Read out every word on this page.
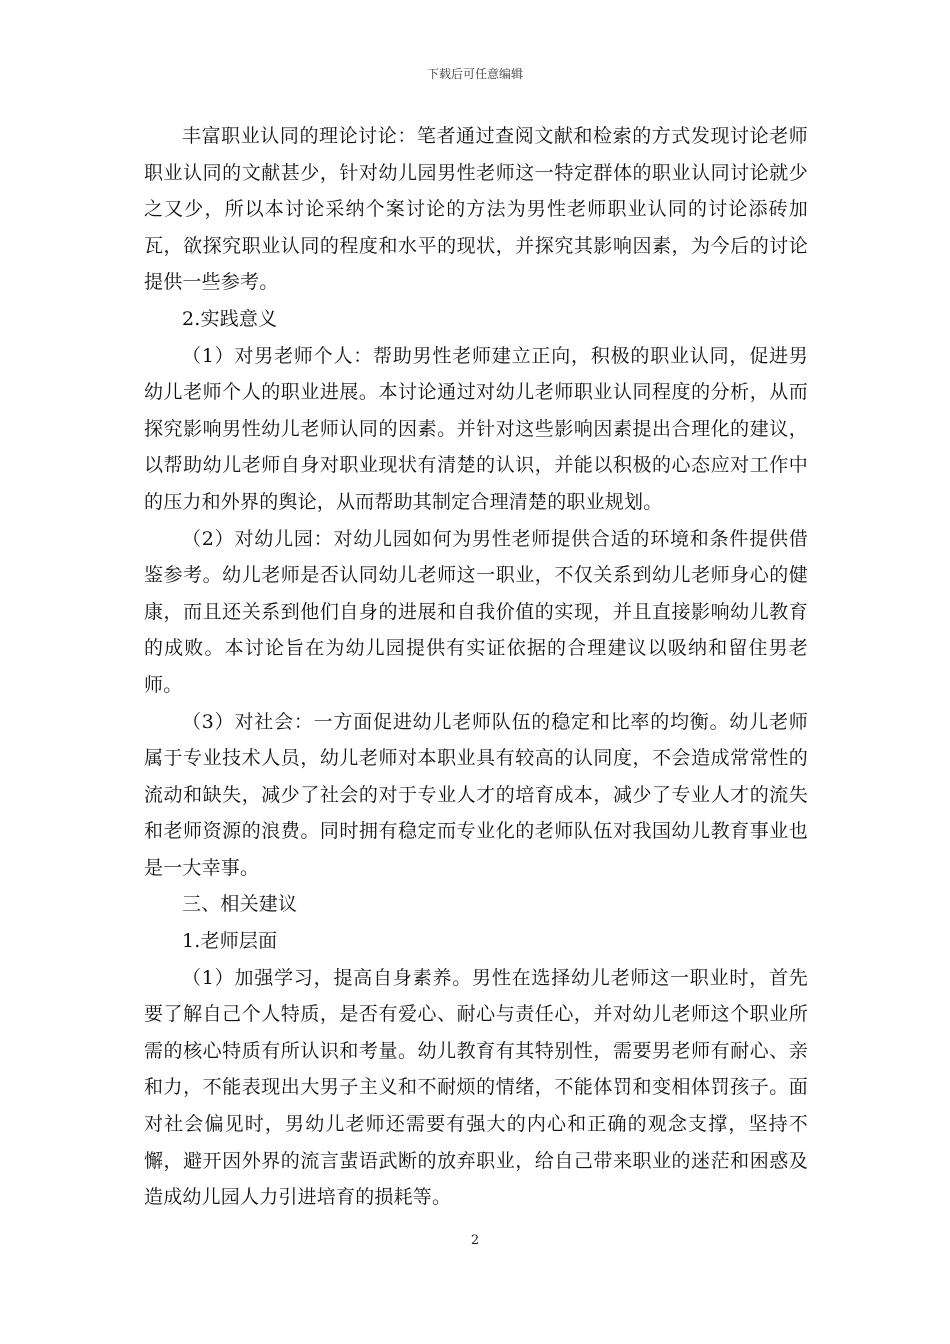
下载后可任意编辑

丰富职业认同的理论讨论：笔者通过查阅文献和检索的方式发现讨论老师职业认同的文献甚少，针对幼儿园男性老师这一特定群体的职业认同讨论就少之又少，所以本讨论采纳个案讨论的方法为男性老师职业认同的讨论添砖加瓦，欲探究职业认同的程度和水平的现状，并探究其影响因素，为今后的讨论提供一些参考。

2.实践意义

（1）对男老师个人：帮助男性老师建立正向，积极的职业认同，促进男幼儿老师个人的职业进展。本讨论通过对幼儿老师职业认同程度的分析，从而探究影响男性幼儿老师认同的因素。并针对这些影响因素提出合理化的建议，以帮助幼儿老师自身对职业现状有清楚的认识，并能以积极的心态应对工作中的压力和外界的舆论，从而帮助其制定合理清楚的职业规划。

（2）对幼儿园：对幼儿园如何为男性老师提供合适的环境和条件提供借鉴参考。幼儿老师是否认同幼儿老师这一职业，不仅关系到幼儿老师身心的健康，而且还关系到他们自身的进展和自我价值的实现，并且直接影响幼儿教育的成败。本讨论旨在为幼儿园提供有实证依据的合理建议以吸纳和留住男老师。

（3）对社会：一方面促进幼儿老师队伍的稳定和比率的均衡。幼儿老师属于专业技术人员，幼儿老师对本职业具有较高的认同度，不会造成常常性的流动和缺失，减少了社会的对于专业人才的培育成本，减少了专业人才的流失和老师资源的浪费。同时拥有稳定而专业化的老师队伍对我国幼儿教育事业也是一大幸事。

三、相关建议

1.老师层面

（1）加强学习，提高自身素养。男性在选择幼儿老师这一职业时，首先要了解自己个人特质，是否有爱心、耐心与责任心，并对幼儿老师这个职业所需的核心特质有所认识和考量。幼儿教育有其特别性，需要男老师有耐心、亲和力，不能表现出大男子主义和不耐烦的情绪，不能体罚和变相体罚孩子。面对社会偏见时，男幼儿老师还需要有强大的内心和正确的观念支撑，坚持不懈，避开因外界的流言蜚语武断的放弃职业，给自己带来职业的迷茫和困惑及造成幼儿园人力引进培育的损耗等。

2
